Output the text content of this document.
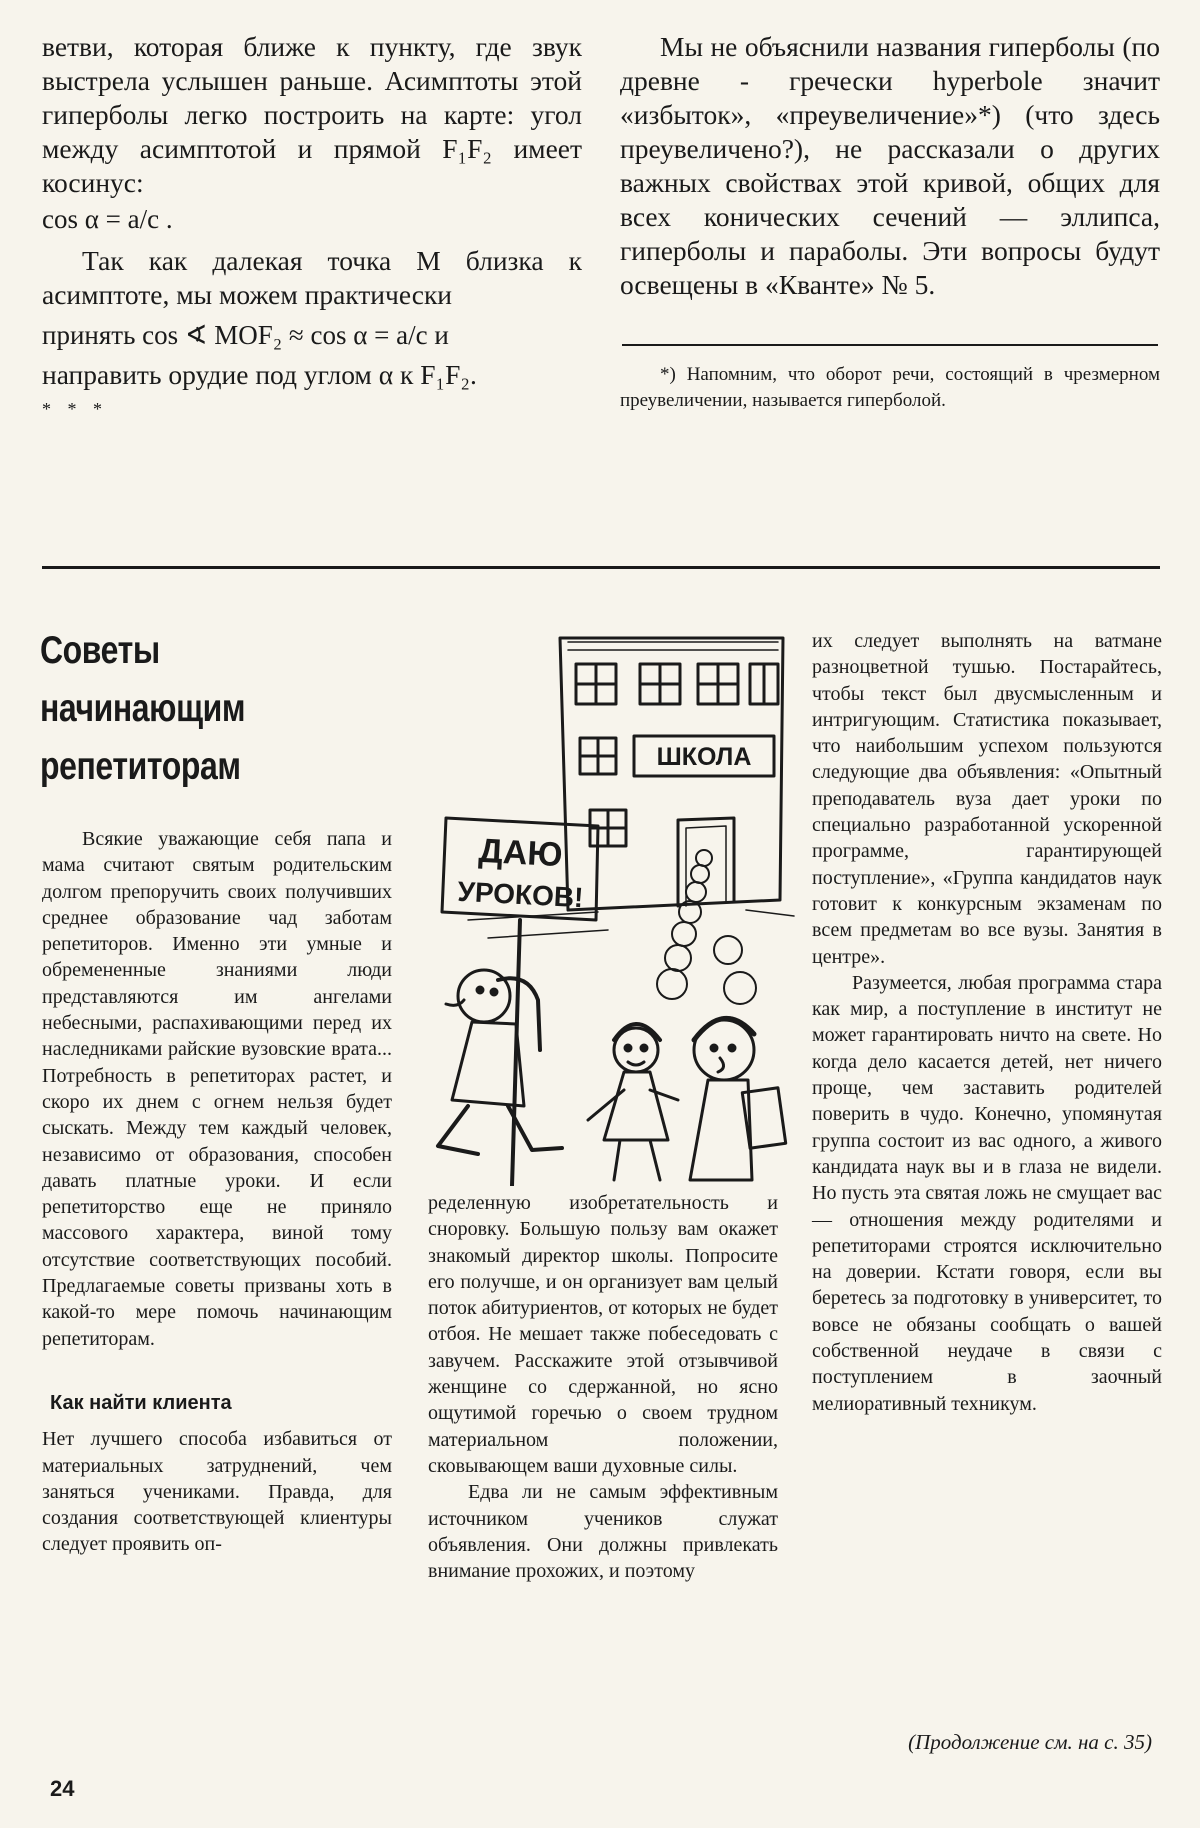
ветви, которая ближе к пункту, где звук выстрела услышен раньше. Асимптоты этой гиперболы легко построить на карте: угол между асимптотой и прямой F₁F₂ имеет косинус:

cos α = a/c .

Так как далекая точка M близка к асимптоте, мы можем практически

принять cos ∢ MOF₂ ≈ cos α = a/c и

направить орудие под углом α к F₁F₂.

* * *

Мы не объяснили названия гиперболы (по древне - гречески hyperbole значит «избыток», «преувеличение»*) (что здесь преувеличено?), не рассказали о других важных свойствах этой кривой, общих для всех конических сечений — эллипса, гиперболы и параболы. Эти вопросы будут освещены в «Кванте» № 5.

*) Напомним, что оборот речи, состоящий в чрезмерном преувеличении, называется гиперболой.

Советы
начинающим
репетиторам

Всякие уважающие себя папа и мама считают святым родительским долгом препоручить своих получивших среднее образование чад заботам репетиторов. Именно эти умные и обремененные знаниями люди представляются им ангелами небесными, распахивающими перед их наследниками райские вузовские врата... Потребность в репетиторах растет, и скоро их днем с огнем нельзя будет сыскать. Между тем каждый человек, независимо от образования, способен давать платные уроки. И если репетиторство еще не приняло массового характера, виной тому отсутствие соответствующих пособий. Предлагаемые советы призваны хоть в какой-то мере помочь начинающим репетиторам.

Как найти клиента

Нет лучшего способа избавиться от материальных затруднений, чем заняться учениками. Правда, для создания соответствующей клиентуры следует проявить оп-

ШКОЛА
ДАЮ
УРОКОВ!

ределенную изобретательность и сноровку. Большую пользу вам окажет знакомый директор школы. Попросите его получше, и он организует вам целый поток абитуриентов, от которых не будет отбоя. Не мешает также побеседовать с завучем. Расскажите этой отзывчивой женщине со сдержанной, но ясно ощутимой горечью о своем трудном материальном положении, сковывающем ваши духовные силы.

Едва ли не самым эффективным источником учеников служат объявления. Они должны привлекать внимание прохожих, и поэтому

их следует выполнять на ватмане разноцветной тушью. Постарайтесь, чтобы текст был двусмысленным и интригующим. Статистика показывает, что наибольшим успехом пользуются следующие два объявления: «Опытный преподаватель вуза дает уроки по специально разработанной ускоренной программе, гарантирующей поступление», «Группа кандидатов наук готовит к конкурсным экзаменам по всем предметам во все вузы. Занятия в центре».

Разумеется, любая программа стара как мир, а поступление в институт не может гарантировать ничто на свете. Но когда дело касается детей, нет ничего проще, чем заставить родителей поверить в чудо. Конечно, упомянутая группа состоит из вас одного, а живого кандидата наук вы и в глаза не видели. Но пусть эта святая ложь не смущает вас — отношения между родителями и репетиторами строятся исключительно на доверии. Кстати говоря, если вы беретесь за подготовку в университет, то вовсе не обязаны сообщать о вашей собственной неудаче в связи с поступлением в заочный мелиоративный техникум.

(Продолжение см. на с. 35)
24
